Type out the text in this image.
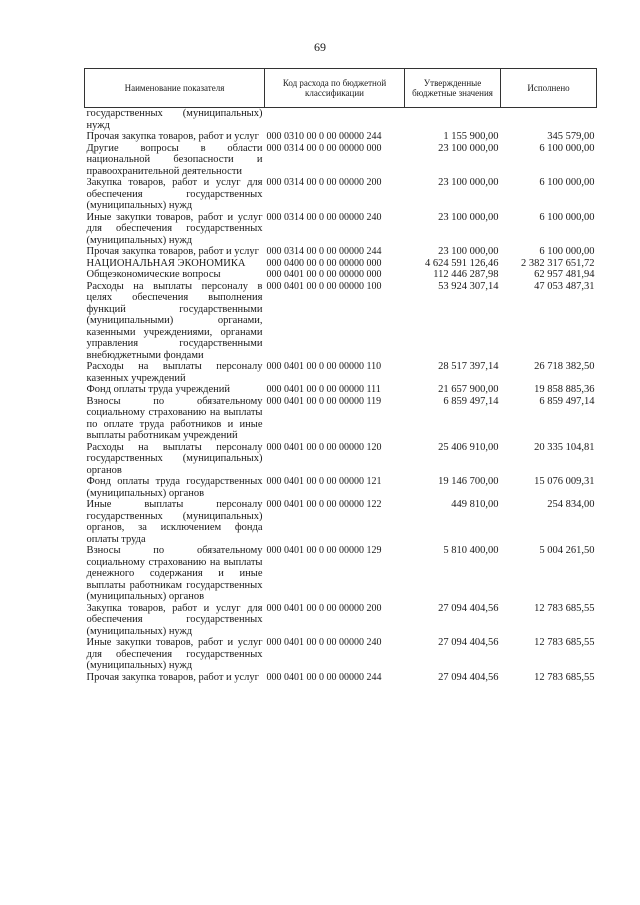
69
Наименование показателя	Код расхода по бюджетной классификации	Утвержденные бюджетные значения	Исполнено
государственных (муниципальных) нужд			
Прочая закупка товаров, работ и услуг	000 0310 00 0 00 00000 244	1 155 900,00	345 579,00
Другие вопросы в области национальной безопасности и правоохранительной деятельности	000 0314 00 0 00 00000 000	23 100 000,00	6 100 000,00
Закупка товаров, работ и услуг для обеспечения государственных (муниципальных) нужд	000 0314 00 0 00 00000 200	23 100 000,00	6 100 000,00
Иные закупки товаров, работ и услуг для обеспечения государственных (муниципальных) нужд	000 0314 00 0 00 00000 240	23 100 000,00	6 100 000,00
Прочая закупка товаров, работ и услуг	000 0314 00 0 00 00000 244	23 100 000,00	6 100 000,00
НАЦИОНАЛЬНАЯ ЭКОНОМИКА	000 0400 00 0 00 00000 000	4 624 591 126,46	2 382 317 651,72
Общеэкономические вопросы	000 0401 00 0 00 00000 000	112 446 287,98	62 957 481,94
Расходы на выплаты персоналу в целях обеспечения выполнения функций государственными (муниципальными) органами, казенными учреждениями, органами управления государственными внебюджетными фондами	000 0401 00 0 00 00000 100	53 924 307,14	47 053 487,31
Расходы на выплаты персоналу казенных учреждений	000 0401 00 0 00 00000 110	28 517 397,14	26 718 382,50
Фонд оплаты труда учреждений	000 0401 00 0 00 00000 111	21 657 900,00	19 858 885,36
Взносы по обязательному социальному страхованию на выплаты по оплате труда работников и иные выплаты работникам учреждений	000 0401 00 0 00 00000 119	6 859 497,14	6 859 497,14
Расходы на выплаты персоналу государственных (муниципальных) органов	000 0401 00 0 00 00000 120	25 406 910,00	20 335 104,81
Фонд оплаты труда государственных (муниципальных) органов	000 0401 00 0 00 00000 121	19 146 700,00	15 076 009,31
Иные выплаты персоналу государственных (муниципальных) органов, за исключением фонда оплаты труда	000 0401 00 0 00 00000 122	449 810,00	254 834,00
Взносы по обязательному социальному страхованию на выплаты денежного содержания и иные выплаты работникам государственных (муниципальных) органов	000 0401 00 0 00 00000 129	5 810 400,00	5 004 261,50
Закупка товаров, работ и услуг для обеспечения государственных (муниципальных) нужд	000 0401 00 0 00 00000 200	27 094 404,56	12 783 685,55
Иные закупки товаров, работ и услуг для обеспечения государственных (муниципальных) нужд	000 0401 00 0 00 00000 240	27 094 404,56	12 783 685,55
Прочая закупка товаров, работ и услуг	000 0401 00 0 00 00000 244	27 094 404,56	12 783 685,55
